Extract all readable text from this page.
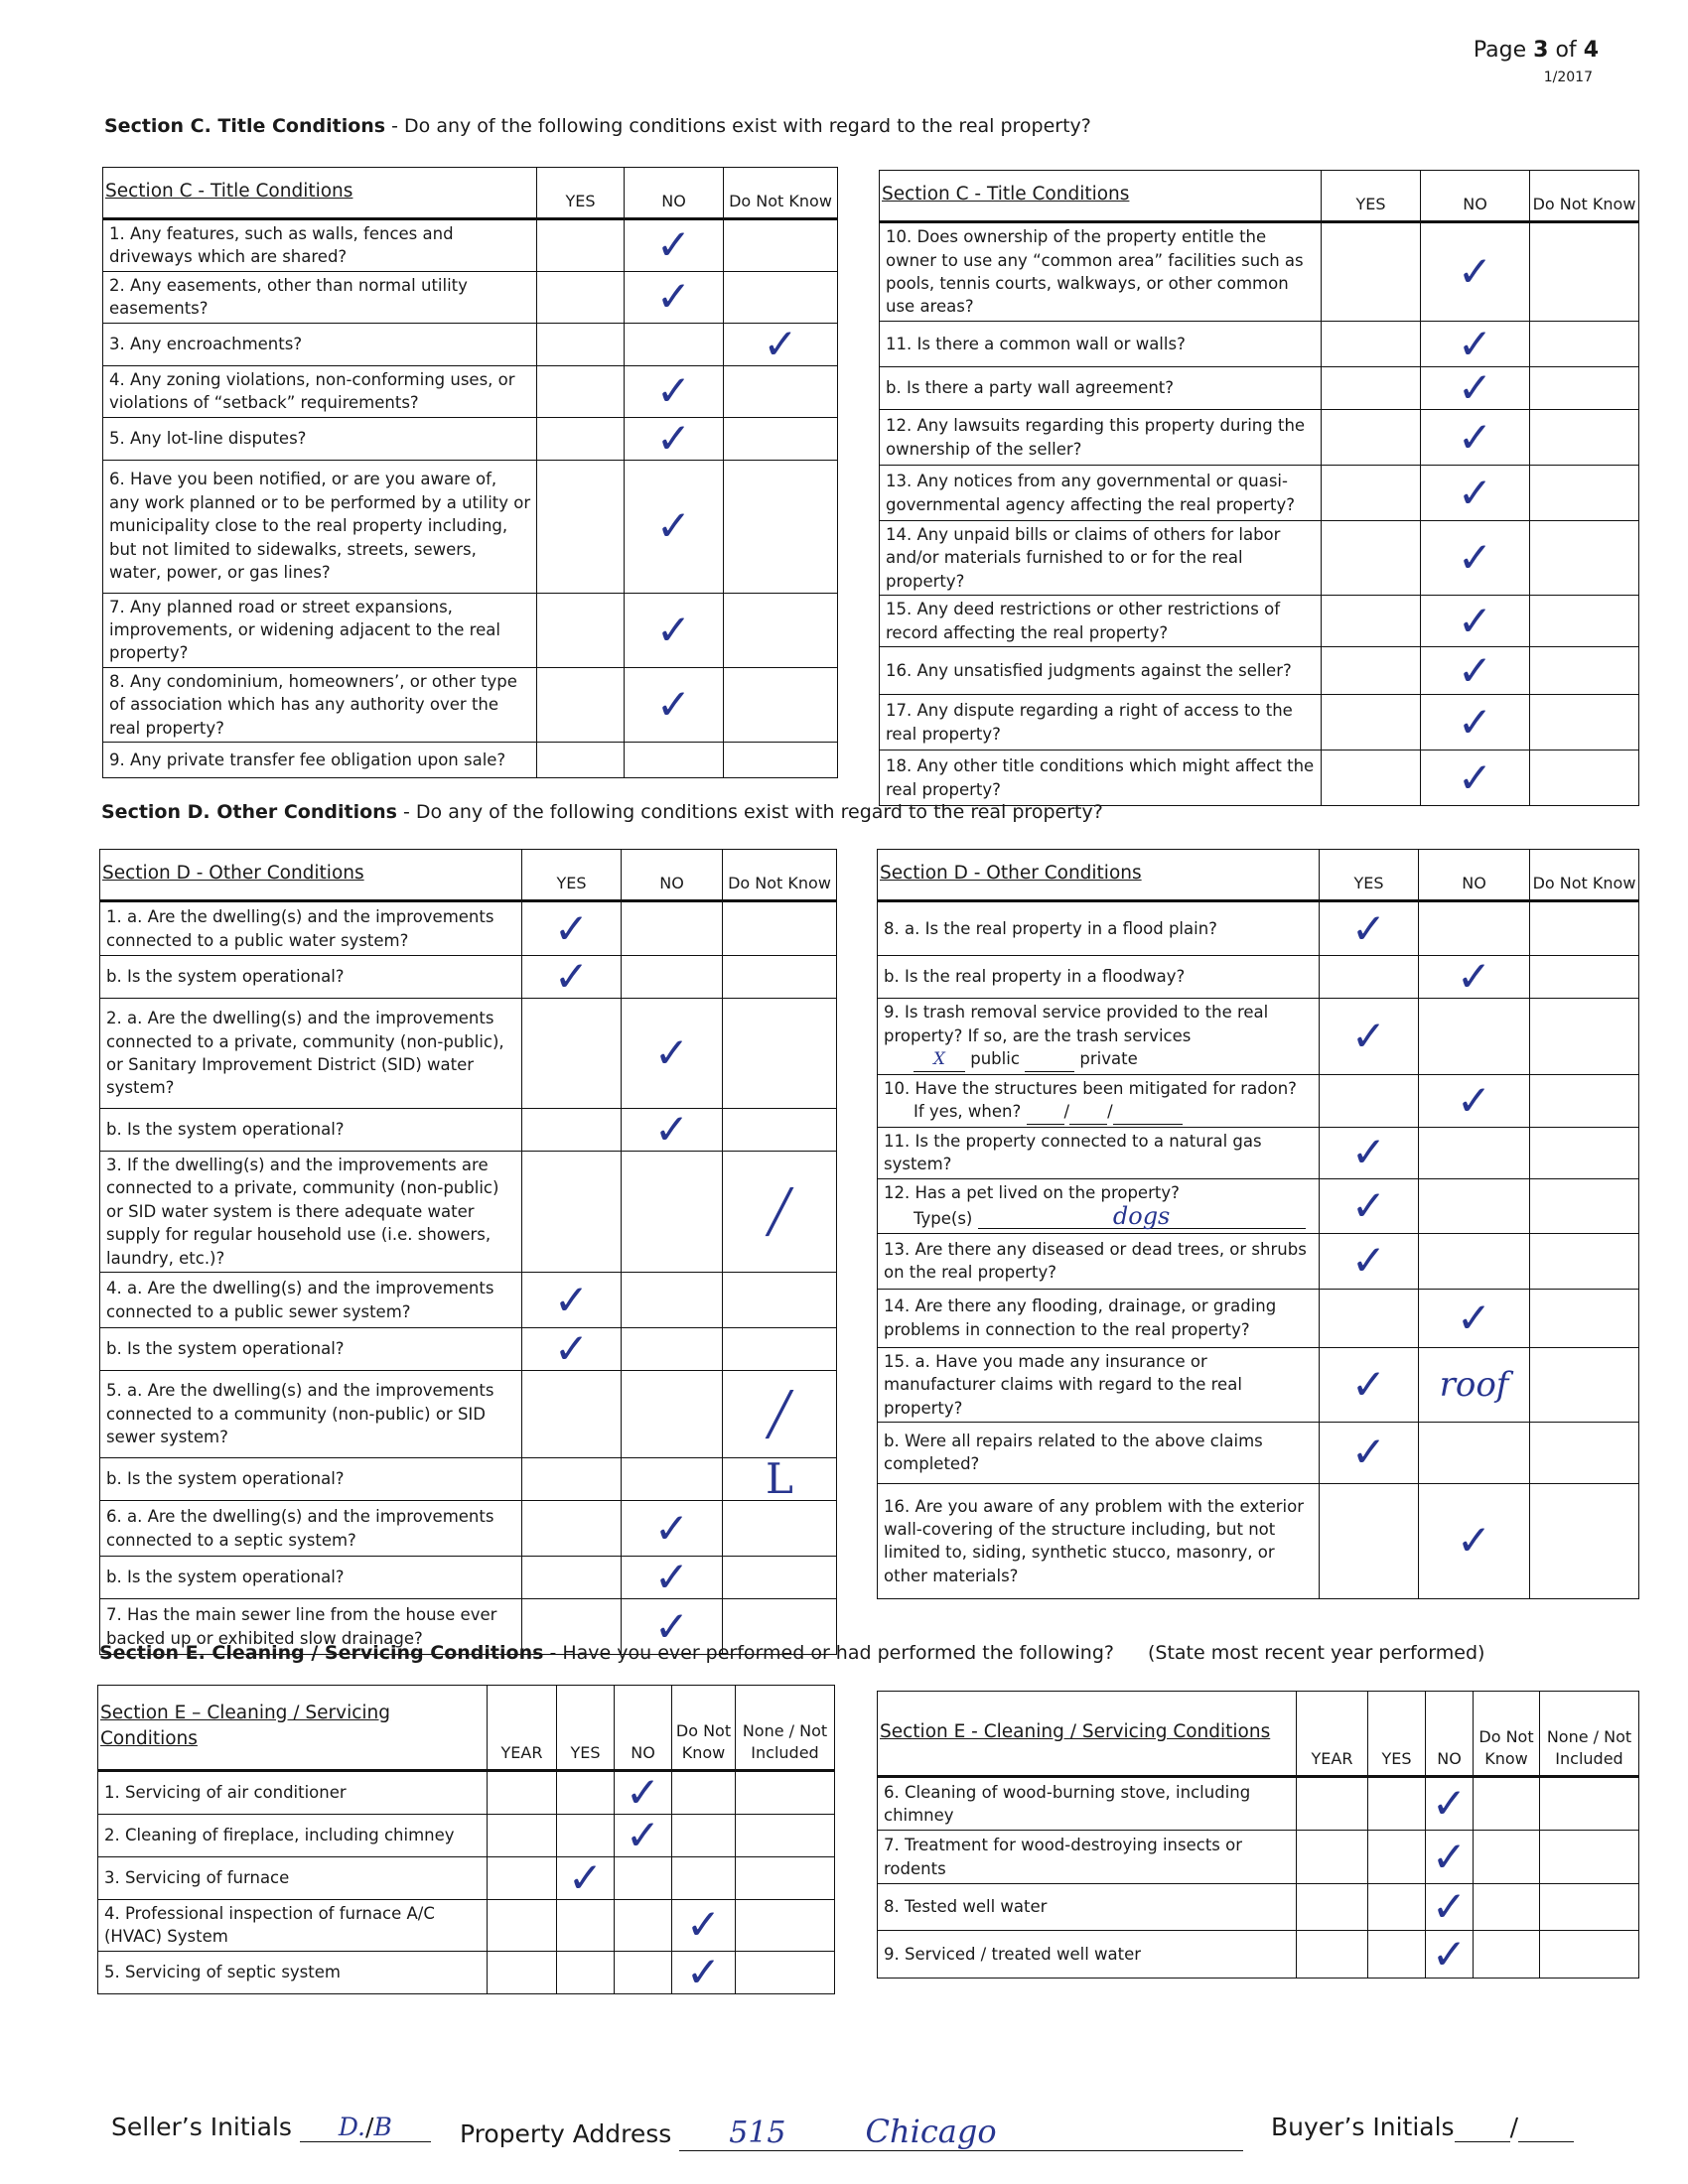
Page 3 of 4
1/2017
Section C. Title Conditions - Do any of the following conditions exist with regard to the real property?
Section C - Title Conditions	YES	NO	Do Not Know
1. Any features, such as walls, fences and driveways which are shared?		✓	
2. Any easements, other than normal utility easements?		✓	
3. Any encroachments?			✓
4. Any zoning violations, non-conforming uses, or violations of “setback” requirements?		✓	
5. Any lot-line disputes?		✓	
6. Have you been notified, or are you aware of, any work planned or to be performed by a utility or municipality close to the real property including, but not limited to sidewalks, streets, sewers, water, power, or gas lines?		✓	
7. Any planned road or street expansions, improvements, or widening adjacent to the real property?		✓	
8. Any condominium, homeowners’, or other type of association which has any authority over the real property?		✓	
9. Any private transfer fee obligation upon sale?			
Section C - Title Conditions	YES	NO	Do Not Know
10. Does ownership of the property entitle the owner to use any “common area” facilities such as pools, tennis courts, walkways, or other common use areas?		✓	
11. Is there a common wall or walls?		✓	
b. Is there a party wall agreement?		✓	
12. Any lawsuits regarding this property during the ownership of the seller?		✓	
13. Any notices from any governmental or quasi-governmental agency affecting the real property?		✓	
14. Any unpaid bills or claims of others for labor and/or materials furnished to or for the real property?		✓	
15. Any deed restrictions or other restrictions of record affecting the real property?		✓	
16. Any unsatisfied judgments against the seller?		✓	
17. Any dispute regarding a right of access to the real property?		✓	
18. Any other title conditions which might affect the real property?		✓	
Section D. Other Conditions - Do any of the following conditions exist with regard to the real property?
Section D - Other Conditions	YES	NO	Do Not Know
1. a. Are the dwelling(s) and the improvements connected to a public water system?	✓		
b. Is the system operational?	✓		
2. a. Are the dwelling(s) and the improvements connected to a private, community (non-public), or Sanitary Improvement District (SID) water system?		✓	
b. Is the system operational?		✓	
3. If the dwelling(s) and the improvements are connected to a private, community (non-public) or SID water system is there adequate water supply for regular household use (i.e. showers, laundry, etc.)?			╱
4. a. Are the dwelling(s) and the improvements connected to a public sewer system?	✓		
b. Is the system operational?	✓		
5. a. Are the dwelling(s) and the improvements connected to a community (non-public) or SID sewer system?			╱
b. Is the system operational?			L
6. a. Are the dwelling(s) and the improvements connected to a septic system?		✓	
b. Is the system operational?		✓	
7. Has the main sewer line from the house ever backed up or exhibited slow drainage?		✓	
Section D - Other Conditions	YES	NO	Do Not Know
8. a. Is the real property in a flood plain?	✓		
b. Is the real property in a floodway?		✓	
9. Is trash removal service provided to the real property? If so, are the trash services
X public private	✓		
10. Have the structures been mitigated for radon?
If yes, when? / /		✓	
11. Is the property connected to a natural gas system?	✓		
12. Has a pet lived on the property?
Type(s) dogs	✓		
13. Are there any diseased or dead trees, or shrubs on the real property?	✓		
14. Are there any flooding, drainage, or grading problems in connection to the real property?		✓	
15. a. Have you made any insurance or manufacturer claims with regard to the real property?	✓	roof	
b. Were all repairs related to the above claims completed?	✓		
16. Are you aware of any problem with the exterior wall-covering of the structure including, but not limited to, siding, synthetic stucco, masonry, or other materials?		✓	
Section E. Cleaning / Servicing Conditions - Have you ever performed or had performed the following? (State most recent year performed)
Section E – Cleaning / Servicing Conditions	YEAR	YES	NO	Do Not Know	None / Not Included
1. Servicing of air conditioner			✓		
2. Cleaning of fireplace, including chimney			✓		
3. Servicing of furnace		✓			
4. Professional inspection of furnace A/C (HVAC) System				✓	
5. Servicing of septic system				✓	
Section E - Cleaning / Servicing Conditions	YEAR	YES	NO	Do Not Know	None / Not Included
6. Cleaning of wood-burning stove, including chimney			✓		
7. Treatment for wood-destroying insects or rodents			✓		
8. Tested well water			✓		
9. Serviced / treated well water			✓		
Seller’s Initials D./B	Property Address 515	Chicago	Buyer’s Initials /
